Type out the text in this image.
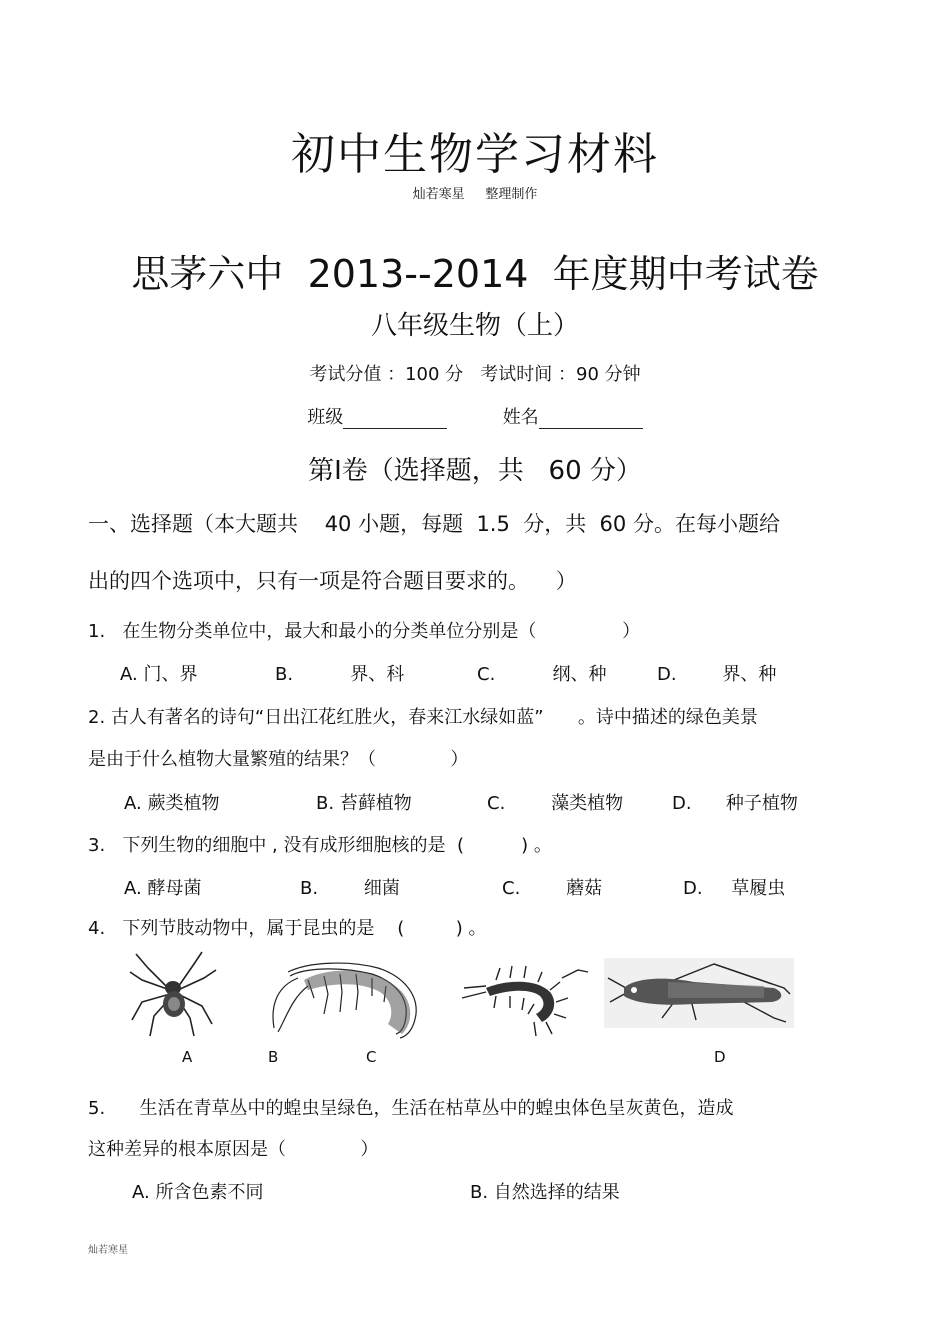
初中生物学习材料
灿若寒星     整理制作
思茅六中  2013--2014  年度期中考试卷
八年级生物（上）
考试分值 ：100 分   考试时间 ：90 分钟
班级	姓名
第Ⅰ卷（选择题，共   60 分）
一、选择题（本大题共    40 小题，每题  1.5  分，共  60 分。在每小题给
出的四个选项中，只有一项是符合题目要求的。    ）
1.   在生物分类单位中，最大和最小的分类单位分别是（               ）
A. 门、界	B.          界、科	C.          纲、种	D.        界、种
2. 古人有著名的诗句“日出江花红胜火，春来江水绿如蓝”      。诗中描述的绿色美景
是由于什么植物大量繁殖的结果？（             ）
A. 蕨类植物	B. 苔藓植物	C.        藻类植物	D.      种子植物
3.   下列生物的细胞中 , 没有成形细胞核的是  (          ) 。
A. 酵母菌	B.        细菌	C.        蘑菇	D.     草履虫
4.   下列节肢动物中，属于昆虫的是    (         ) 。
A	B	C	D
5.      生活在青草丛中的蝗虫呈绿色，生活在枯草丛中的蝗虫体色呈灰黄色，造成
这种差异的根本原因是（             ）
A. 所含色素不同	B. 自然选择的结果
灿若寒星
